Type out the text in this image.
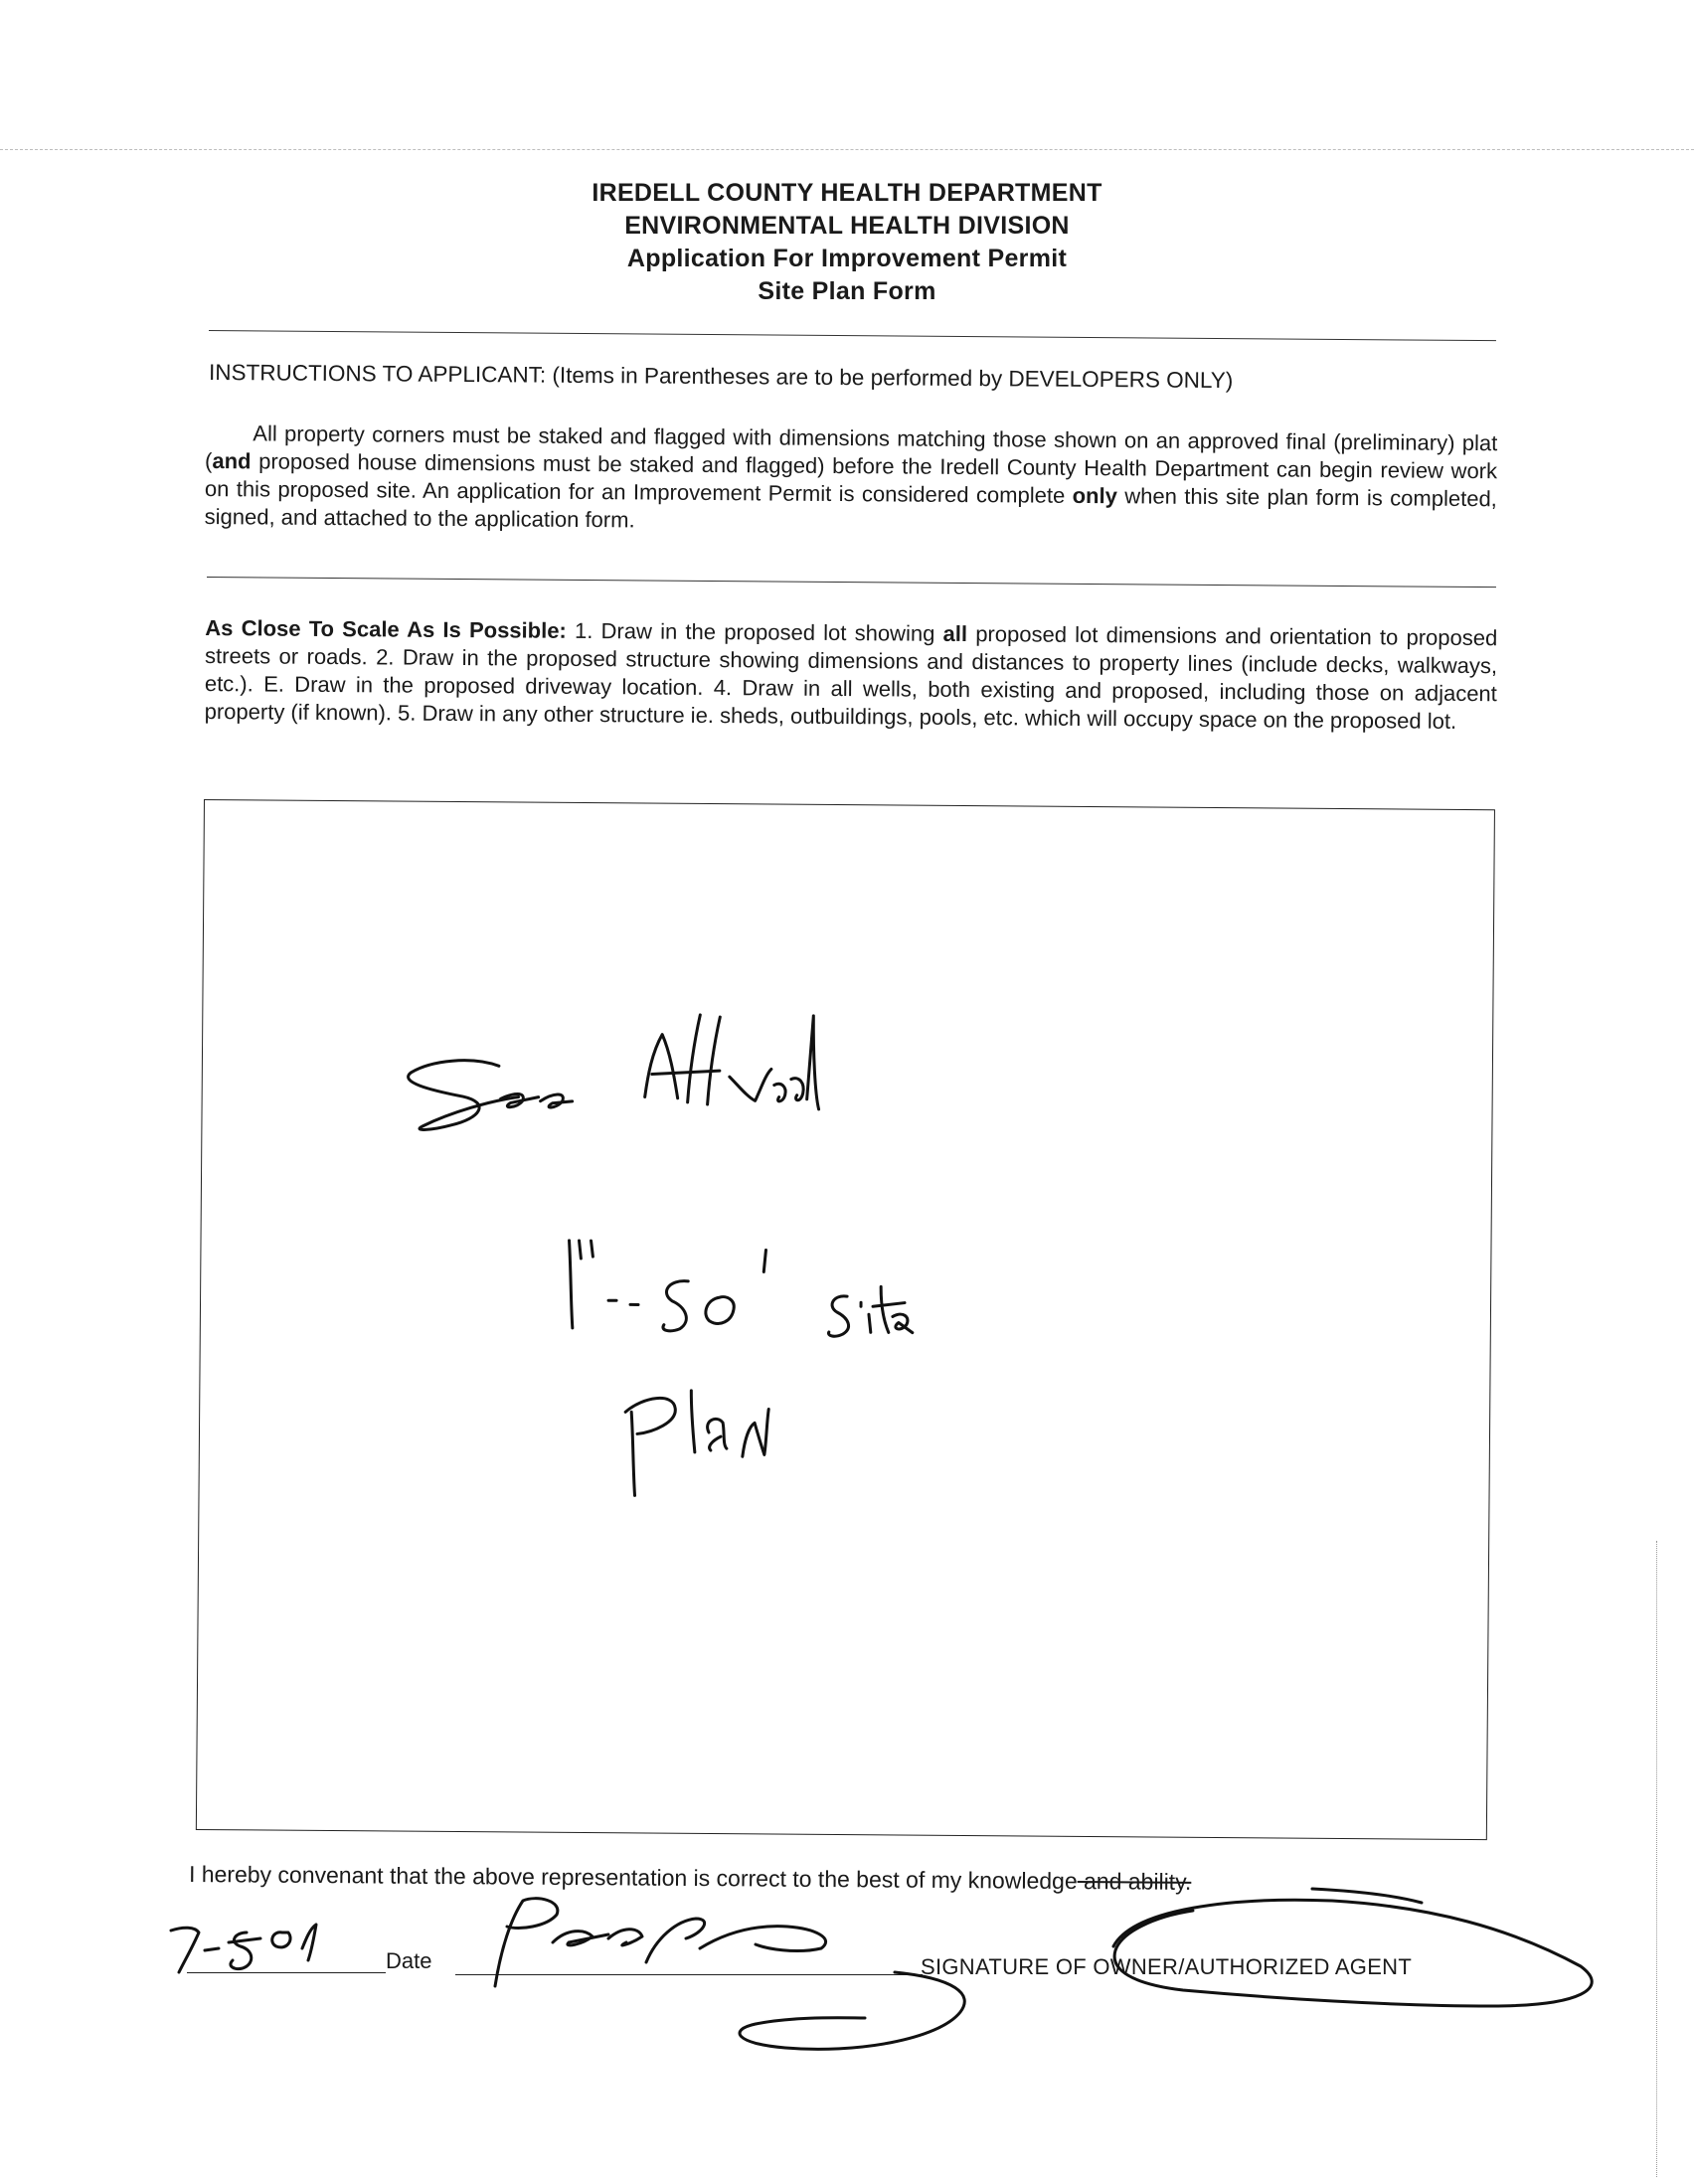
IREDELL COUNTY HEALTH DEPARTMENT
ENVIRONMENTAL HEALTH DIVISION
Application For Improvement Permit
Site Plan Form
INSTRUCTIONS TO APPLICANT: (Items in Parentheses are to be performed by DEVELOPERS ONLY)
All property corners must be staked and flagged with dimensions matching those shown on an approved final (preliminary) plat (and proposed house dimensions must be staked and flagged) before the Iredell County Health Department can begin review work on this proposed site. An application for an Improvement Permit is considered complete only when this site plan form is completed, signed, and attached to the application form.
As Close To Scale As Is Possible: 1. Draw in the proposed lot showing all proposed lot dimensions and orientation to proposed streets or roads. 2. Draw in the proposed structure showing dimensions and distances to property lines (include decks, walkways, etc.). E. Draw in the proposed driveway location. 4. Draw in all wells, both existing and proposed, including those on adjacent property (if known). 5. Draw in any other structure ie. sheds, outbuildings, pools, etc. which will occupy space on the proposed lot.
I hereby convenant that the above representation is correct to the best of my knowledge and ability.
Date	SIGNATURE OF OWNER/AUTHORIZED AGENT
